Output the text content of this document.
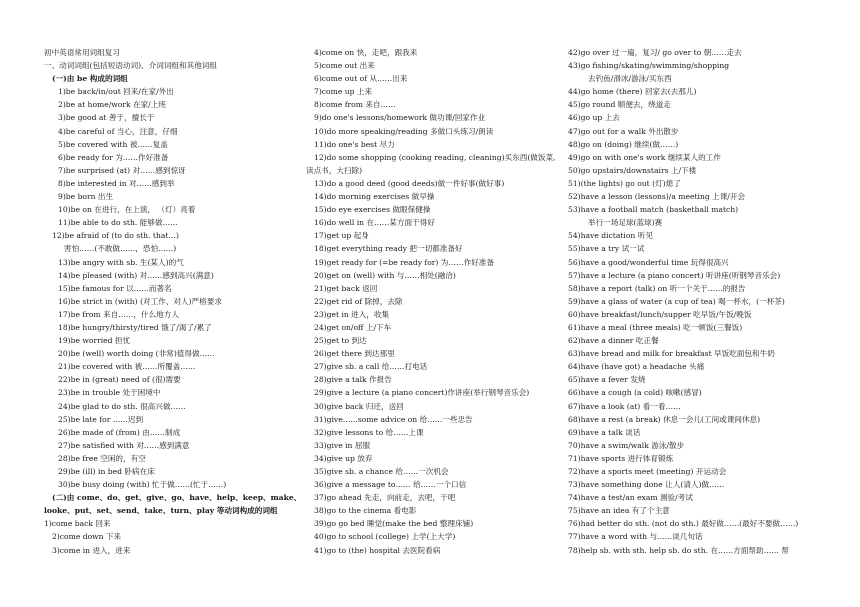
初中英语常用词组复习
一、动词词组(包括短语动词)、介词词组和其他词组
(一)由 be 构成的词组
1)be back/in/out 回来/在家/外出
2)be at home/work 在家/上班
3)be good at 善于，擅长于
4)be careful of 当心，注意，仔细
5)be covered with 被……复盖
6)be ready for 为……作好准备
7)be surprised (at) 对……感到惊讶
8)be interested in 对……感到举
9)be born 出生
10)be on 在进行，在上演， （灯）亮着
11)be able to do sth. 能够做……
12)be afraid of (to do sth. that…)
害怕……(不敢做……，恐怕……)
13)be angry with sb. 生(某人)的气
14)be pleased (with) 对……感到高兴(满意)
15)be famous for 以……而著名
16)be strict in (with) (对工作、对人)严格要求
17)be from 来自……，什么地方人
18)be hungry/thirsty/tired 饿了/渴了/累了
19)be worried 担忧
20)be (well) worth doing (非常)值得做……
21)be covered with 被……所覆盖……
22)be in (great) need of (很)需要
23)be in trouble 处于困境中
24)be glad to do sth. 很高兴做……
25)be late for ……迟到
26)be made of (from) 由……制成
27)be satisfied with 对……感到满意
28)be free 空闲的，有空
29)be (ill) in bed 卧病在床
30)be busy doing (with) 忙于做……(忙于……)
(二)由 come、do、get、give、go、have、help、keep、make、
looke、put、set、send、take、turn、play 等动词构成的词组
1)come back 回来
2)come down 下来
3)come in 进入，进来
4)come on 快，走吧，跟我来
5)come out 出来
6)come out of 从……出来
7)come up 上来
8)come from 来自……
9)do one's lessons/homework 做功课/回家作业
10)do more speaking/reading 多做口头练习/朗读
11)do one's best 尽力
12)do some shopping (cooking reading, cleaning)买东西(做饭菜,
读点书，大扫除)
13)do a good deed (good deeds)做一件好事(做好事)
14)do morning exercises 做早操
15)do eye exercises 做眼保健操
16)do well in 在……某方面干得好
17)get up 起身
18)get everything ready 把一切都准备好
19)get ready for (=be ready for) 为……作好准备
20)get on (well) with 与……相处(融洽)
21)get back 返回
22)get rid of 除掉，去除
23)get in 进入，收集
24)get on/off 上/下车
25)get to 到达
26)get there 到达那里
27)give sb. a call 给……打电话
28)give a talk 作报告
29)give a lecture (a piano concert)作讲座(举行钢琴音乐会)
30)give back 归还，送回
31)give……some advice on 给……一些忠告
32)give lessons to 给……上课
33)give in 屈服
34)give up 放弃
35)give sb. a chance 给……一次机会
36)give a message to…… 给……一个口信
37)go ahead 先走，向前走，去吧，干吧
38)go to the cinema 看电影
39)go go bed 睡觉(make the bed 整理床铺)
40)go to school (college) 上学(上大学)
41)go to (the) hospital 去医院看病
42)go over 过一遍，复习/ go over to 朝……走去
43)go fishing/skating/swimming/shopping
去钓鱼/滑冰/游泳/买东西
44)go home (there) 回家去(去那儿)
45)go round 顺便去，绕道走
46)go up 上去
47)go out for a walk 外出散步
48)go on (doing) 继续(做……)
49)go on with one's work 继续某人的工作
50)go upstairs/downstairs 上/下楼
51)(the lights) go out (灯)熄了
52)have a lesson (lessons)/a meeting 上课/开会
53)have a football match (basketball match)
举行一场足球(蓝球)赛
54)have dictation 听见
55)have a try 试一试
56)have a good/wonderful time 玩得很高兴
57)have a lecture (a piano concert) 听讲座(听钢琴音乐会)
58)have a report (talk) on 听一个关于……的报告
59)have a glass of water (a cup of tea) 喝一杯水，(一杯茶)
60)have breakfast/lunch/supper 吃早饭/午饭/晚饭
61)have a meal (three meals) 吃一顿饭(三餐饭)
62)have a dinner 吃正餐
63)have bread and milk for breakfast 早饭吃面包和牛奶
64)have (have got) a headache 头痛
65)have a fever 发烧
66)have a cough (a cold) 咳嗽(感冒)
67)have a look (at) 看一看……
68)have a rest (a break) 休息一会儿(工间或课间休息)
69)have a talk 谈话
70)have a swim/walk 游泳/散步
71)have sports 进行体育锻炼
72)have a sports meet (meeting) 开运动会
73)have something done 让人(请人)做……
74)have a test/an exam 测验/考试
75)have an idea 有了个主意
76)had better do sth. (not do sth.) 最好做……(最好不要做……)
77)have a word with 与……谈几句话
78)help sb. with sth. help sb. do sth. 在……方面帮助…… 帮
